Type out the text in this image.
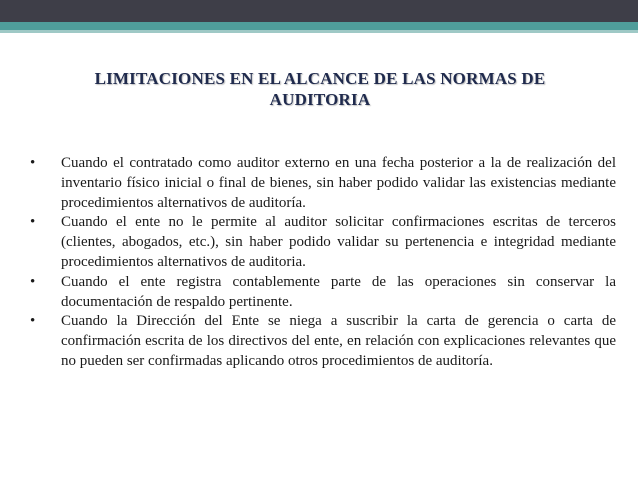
LIMITACIONES EN EL ALCANCE DE LAS NORMAS DE
AUDITORIA
•	Cuando el contratado como auditor externo en una fecha posterior a la de realización del inventario físico inicial o final de bienes, sin haber podido validar las existencias mediante procedimientos alternativos de auditoría.
•	Cuando el ente no le permite al auditor solicitar confirmaciones escritas de terceros (clientes, abogados, etc.), sin haber podido validar su pertenencia e integridad mediante procedimientos alternativos de auditoria.
•	Cuando el ente registra contablemente parte de las operaciones sin conservar la documentación de respaldo pertinente.
•	Cuando la Dirección del Ente se niega a suscribir la carta de gerencia o carta de confirmación escrita de los directivos del ente, en relación con explicaciones relevantes que no pueden ser confirmadas aplicando otros procedimientos de auditoría.
